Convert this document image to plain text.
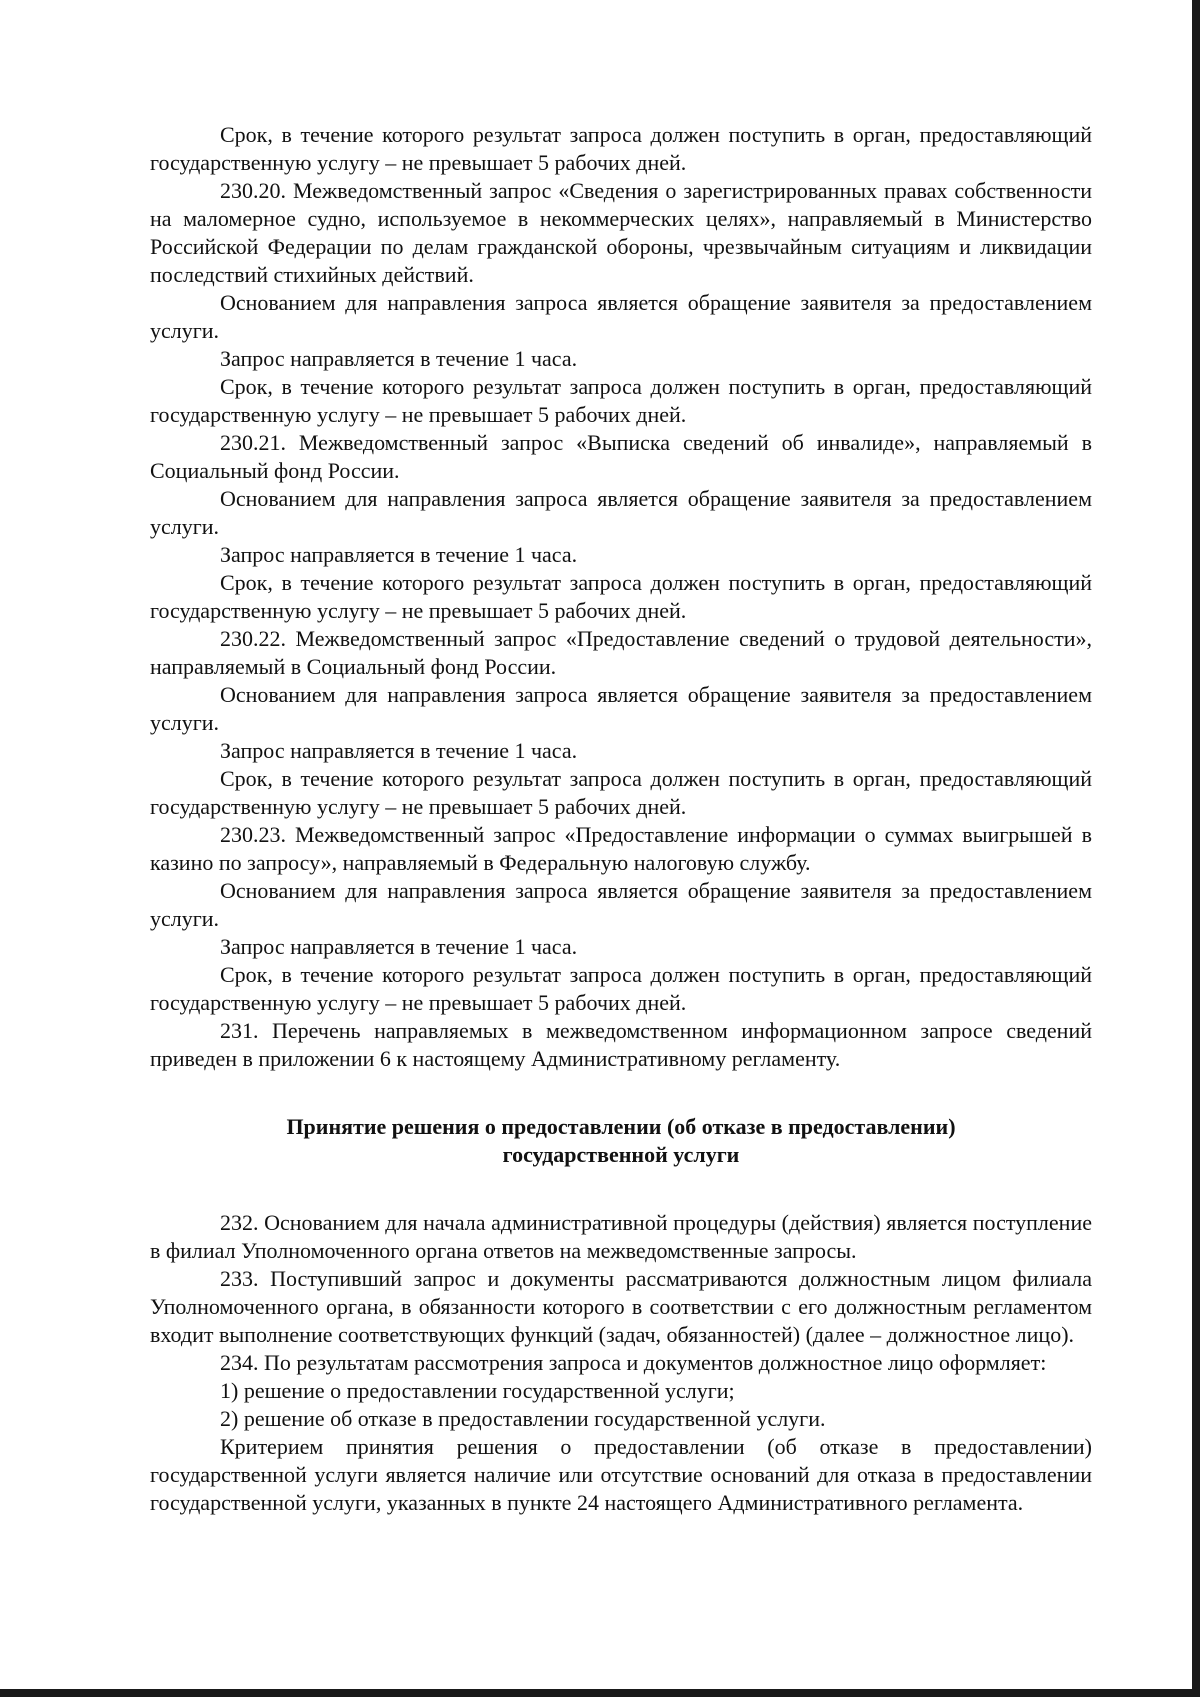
Срок, в течение которого результат запроса должен поступить в орган, предоставляющий государственную услугу – не превышает 5 рабочих дней.

230.20. Межведомственный запрос «Сведения о зарегистрированных правах собственности на маломерное судно, используемое в некоммерческих целях», направляемый в Министерство Российской Федерации по делам гражданской обороны, чрезвычайным ситуациям и ликвидации последствий стихийных действий.

Основанием для направления запроса является обращение заявителя за предоставлением услуги.

Запрос направляется в течение 1 часа.

Срок, в течение которого результат запроса должен поступить в орган, предоставляющий государственную услугу – не превышает 5 рабочих дней.

230.21. Межведомственный запрос «Выписка сведений об инвалиде», направляемый в Социальный фонд России.

Основанием для направления запроса является обращение заявителя за предоставлением услуги.

Запрос направляется в течение 1 часа.

Срок, в течение которого результат запроса должен поступить в орган, предоставляющий государственную услугу – не превышает 5 рабочих дней.

230.22. Межведомственный запрос «Предоставление сведений о трудовой деятельности», направляемый в Социальный фонд России.

Основанием для направления запроса является обращение заявителя за предоставлением услуги.

Запрос направляется в течение 1 часа.

Срок, в течение которого результат запроса должен поступить в орган, предоставляющий государственную услугу – не превышает 5 рабочих дней.

230.23. Межведомственный запрос «Предоставление информации о суммах выигрышей в казино по запросу», направляемый в Федеральную налоговую службу.

Основанием для направления запроса является обращение заявителя за предоставлением услуги.

Запрос направляется в течение 1 часа.

Срок, в течение которого результат запроса должен поступить в орган, предоставляющий государственную услугу – не превышает 5 рабочих дней.

231. Перечень направляемых в межведомственном информационном запросе сведений приведен в приложении 6 к настоящему Административному регламенту.

Принятие решения о предоставлении (об отказе в предоставлении)
государственной услуги

232. Основанием для начала административной процедуры (действия) является поступление в филиал Уполномоченного органа ответов на межведомственные запросы.

233. Поступивший запрос и документы рассматриваются должностным лицом филиала Уполномоченного органа, в обязанности которого в соответствии с его должностным регламентом входит выполнение соответствующих функций (задач, обязанностей) (далее – должностное лицо).

234. По результатам рассмотрения запроса и документов должностное лицо оформляет:

1) решение о предоставлении государственной услуги;

2) решение об отказе в предоставлении государственной услуги.

Критерием принятия решения о предоставлении (об отказе в предоставлении) государственной услуги является наличие или отсутствие оснований для отказа в предоставлении государственной услуги, указанных в пункте 24 настоящего Административного регламента.
